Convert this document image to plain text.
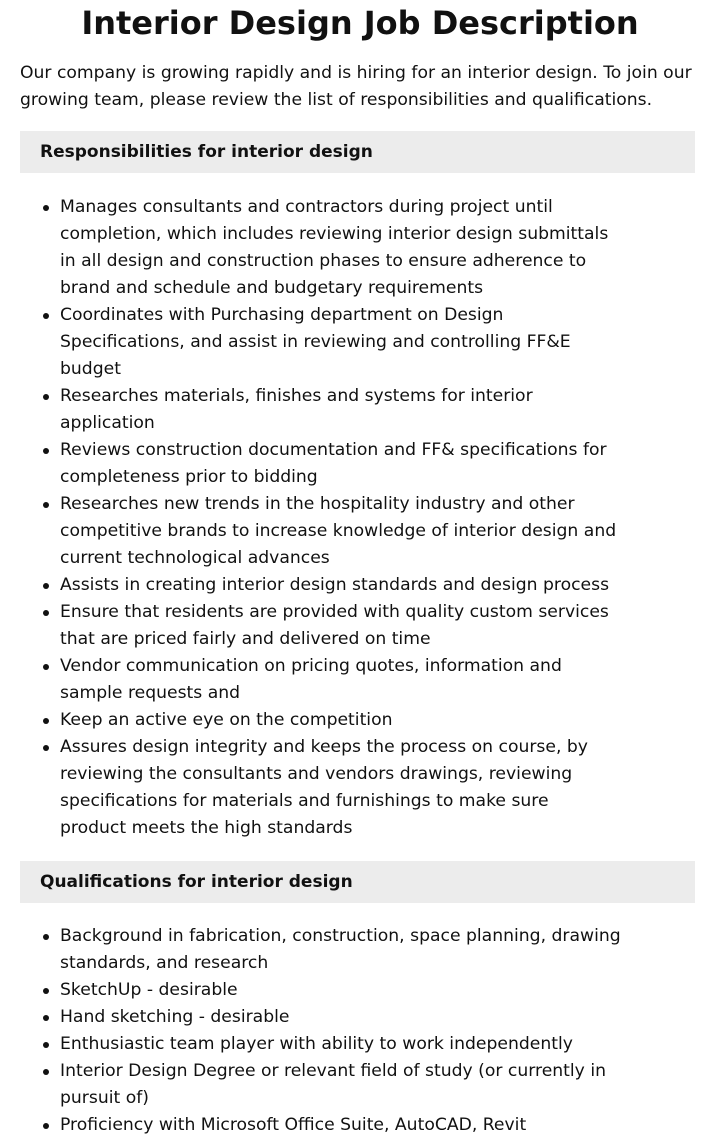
Interior Design Job Description

Our company is growing rapidly and is hiring for an interior design. To join our growing team, please review the list of responsibilities and qualifications.

Responsibilities for interior design
Manages consultants and contractors during project until completion, which includes reviewing interior design submittals in all design and construction phases to ensure adherence to brand and schedule and budgetary requirements
Coordinates with Purchasing department on Design Specifications, and assist in reviewing and controlling FF&E budget
Researches materials, finishes and systems for interior application
Reviews construction documentation and FF& specifications for completeness prior to bidding
Researches new trends in the hospitality industry and other competitive brands to increase knowledge of interior design and current technological advances
Assists in creating interior design standards and design process
Ensure that residents are provided with quality custom services that are priced fairly and delivered on time
Vendor communication on pricing quotes, information and sample requests and
Keep an active eye on the competition
Assures design integrity and keeps the process on course, by reviewing the consultants and vendors drawings, reviewing specifications for materials and furnishings to make sure product meets the high standards
Qualifications for interior design
Background in fabrication, construction, space planning, drawing standards, and research
SketchUp - desirable
Hand sketching - desirable
Enthusiastic team player with ability to work independently
Interior Design Degree or relevant field of study (or currently in pursuit of)
Proficiency with Microsoft Office Suite, AutoCAD, Revit
